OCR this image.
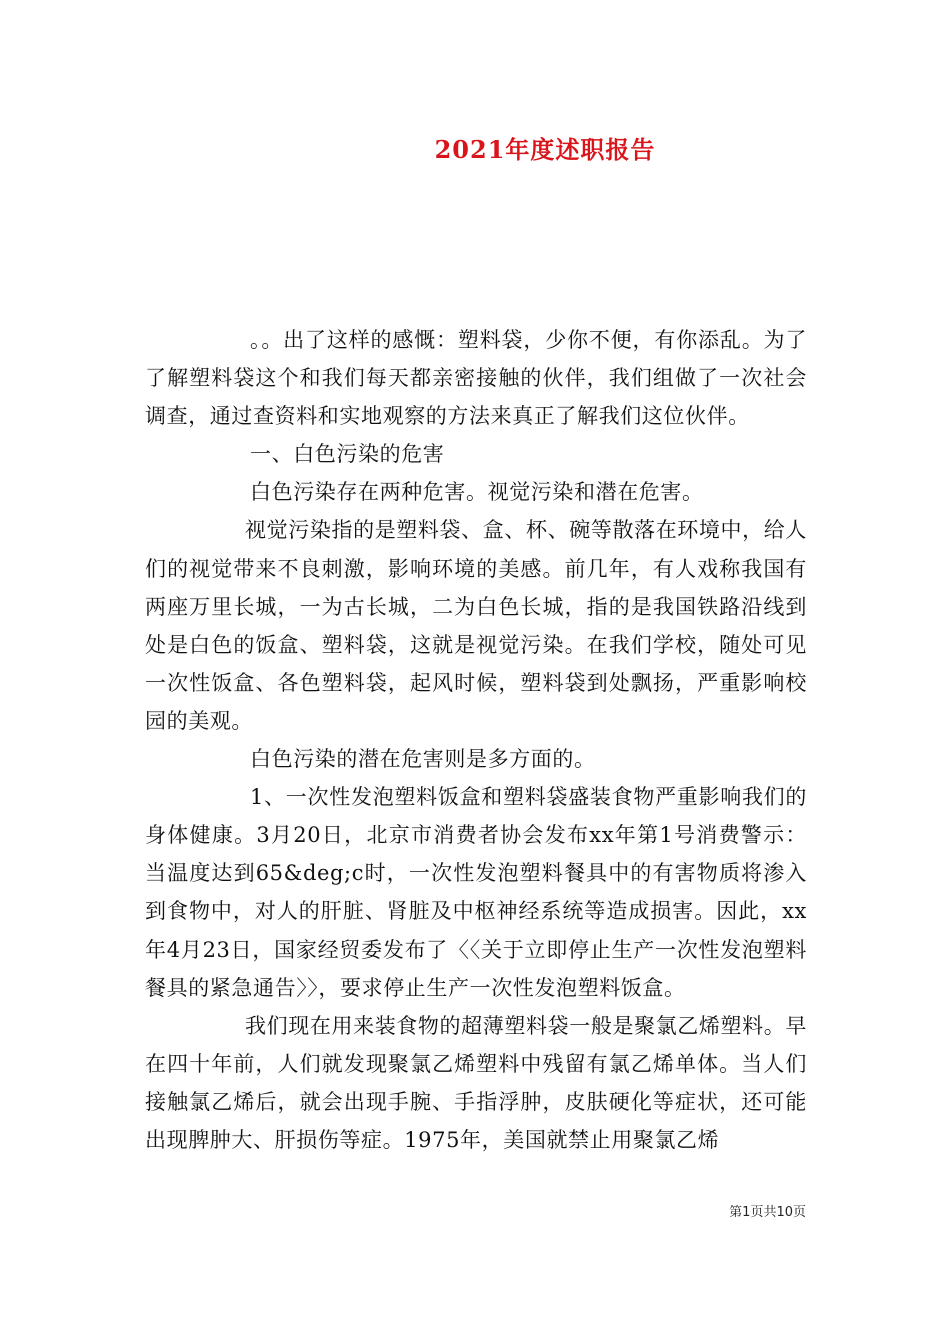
2021年度述职报告

。。出了这样的感慨：塑料袋，少你不便，有你添乱。为了了解塑料袋这个和我们每天都亲密接触的伙伴，我们组做了一次社会调查，通过查资料和实地观察的方法来真正了解我们这位伙伴。

一、白色污染的危害

白色污染存在两种危害。视觉污染和潜在危害。

视觉污染指的是塑料袋、盒、杯、碗等散落在环境中，给人们的视觉带来不良刺激，影响环境的美感。前几年，有人戏称我国有两座万里长城，一为古长城，二为白色长城，指的是我国铁路沿线到处是白色的饭盒、塑料袋，这就是视觉污染。在我们学校，随处可见一次性饭盒、各色塑料袋，起风时候，塑料袋到处飘扬，严重影响校园的美观。

白色污染的潜在危害则是多方面的。

1、一次性发泡塑料饭盒和塑料袋盛装食物严重影响我们的身体健康。3月20日，北京市消费者协会发布xx年第1号消费警示：当温度达到65&deg;c时，一次性发泡塑料餐具中的有害物质将渗入到食物中，对人的肝脏、肾脏及中枢神经系统等造成损害。因此，xx年4月23日，国家经贸委发布了〈〈关于立即停止生产一次性发泡塑料餐具的紧急通告〉〉，要求停止生产一次性发泡塑料饭盒。

我们现在用来装食物的超薄塑料袋一般是聚氯乙烯塑料。早在四十年前，人们就发现聚氯乙烯塑料中残留有氯乙烯单体。当人们接触氯乙烯后，就会出现手腕、手指浮肿，皮肤硬化等症状，还可能出现脾肿大、肝损伤等症。1975年，美国就禁止用聚氯乙烯

第1页共10页
